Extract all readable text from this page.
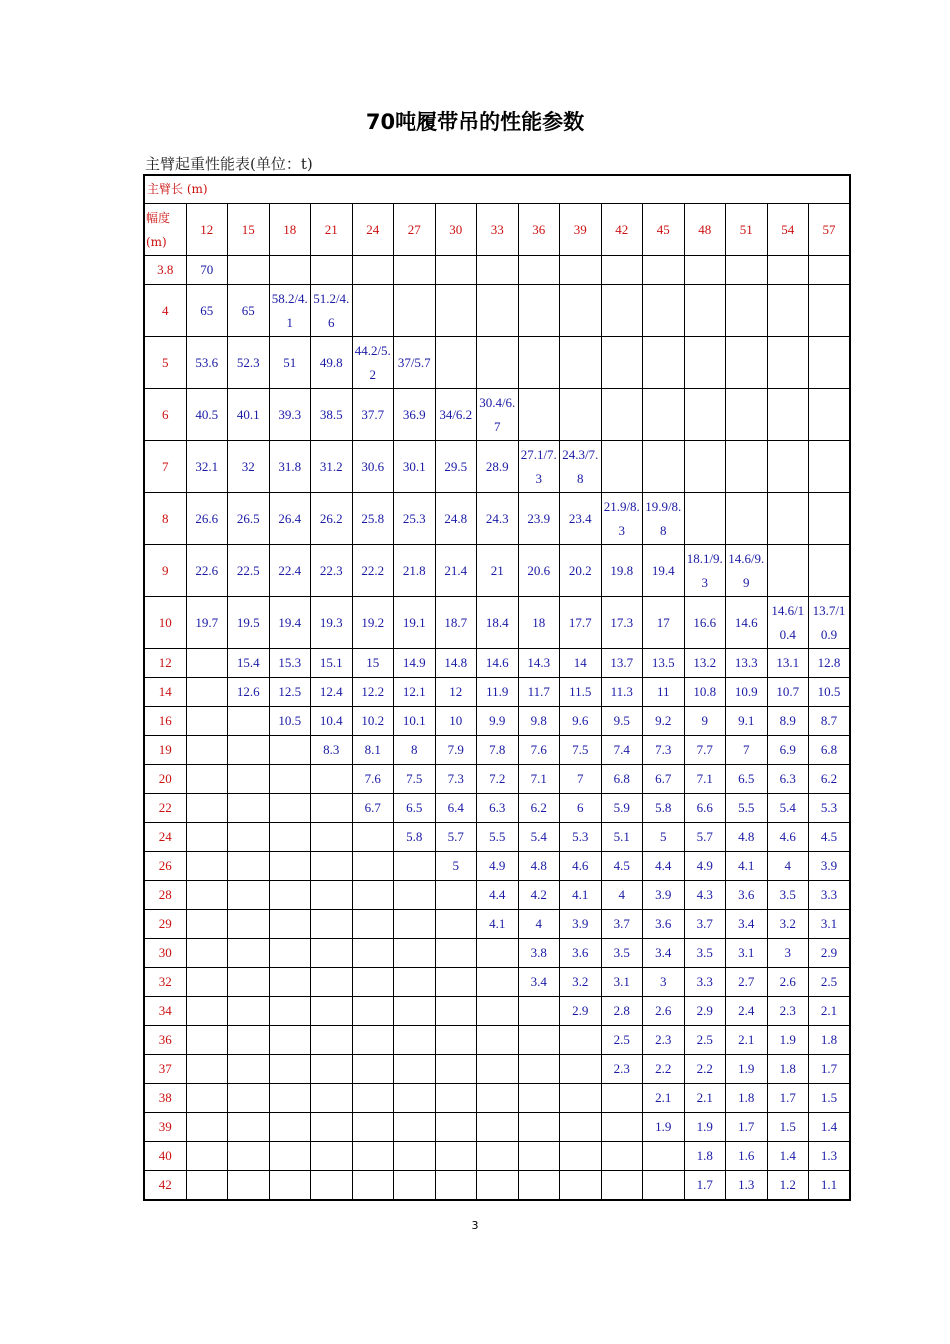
70吨履带吊的性能参数
主臂起重性能表(单位：t)
主臂长 (m)																
幅度
(m)	12	15	18	21	24	27	30	33	36	39	42	45	48	51	54	57
3.8	70															
4	65	65	58.2/4.1	51.2/4.6												
5	53.6	52.3	51	49.8	44.2/5.2	37/5.7										
6	40.5	40.1	39.3	38.5	37.7	36.9	34/6.2	30.4/6.7								
7	32.1	32	31.8	31.2	30.6	30.1	29.5	28.9	27.1/7.3	24.3/7.8						
8	26.6	26.5	26.4	26.2	25.8	25.3	24.8	24.3	23.9	23.4	21.9/8.3	19.9/8.8				
9	22.6	22.5	22.4	22.3	22.2	21.8	21.4	21	20.6	20.2	19.8	19.4	18.1/9.3	14.6/9.9		
10	19.7	19.5	19.4	19.3	19.2	19.1	18.7	18.4	18	17.7	17.3	17	16.6	14.6	14.6/10.4	13.7/10.9
12		15.4	15.3	15.1	15	14.9	14.8	14.6	14.3	14	13.7	13.5	13.2	13.3	13.1	12.8
14		12.6	12.5	12.4	12.2	12.1	12	11.9	11.7	11.5	11.3	11	10.8	10.9	10.7	10.5
16			10.5	10.4	10.2	10.1	10	9.9	9.8	9.6	9.5	9.2	9	9.1	8.9	8.7
19				8.3	8.1	8	7.9	7.8	7.6	7.5	7.4	7.3	7.7	7	6.9	6.8
20					7.6	7.5	7.3	7.2	7.1	7	6.8	6.7	7.1	6.5	6.3	6.2
22					6.7	6.5	6.4	6.3	6.2	6	5.9	5.8	6.6	5.5	5.4	5.3
24						5.8	5.7	5.5	5.4	5.3	5.1	5	5.7	4.8	4.6	4.5
26							5	4.9	4.8	4.6	4.5	4.4	4.9	4.1	4	3.9
28								4.4	4.2	4.1	4	3.9	4.3	3.6	3.5	3.3
29								4.1	4	3.9	3.7	3.6	3.7	3.4	3.2	3.1
30									3.8	3.6	3.5	3.4	3.5	3.1	3	2.9
32									3.4	3.2	3.1	3	3.3	2.7	2.6	2.5
34										2.9	2.8	2.6	2.9	2.4	2.3	2.1
36											2.5	2.3	2.5	2.1	1.9	1.8
37											2.3	2.2	2.2	1.9	1.8	1.7
38												2.1	2.1	1.8	1.7	1.5
39												1.9	1.9	1.7	1.5	1.4
40													1.8	1.6	1.4	1.3
42													1.7	1.3	1.2	1.1
3
